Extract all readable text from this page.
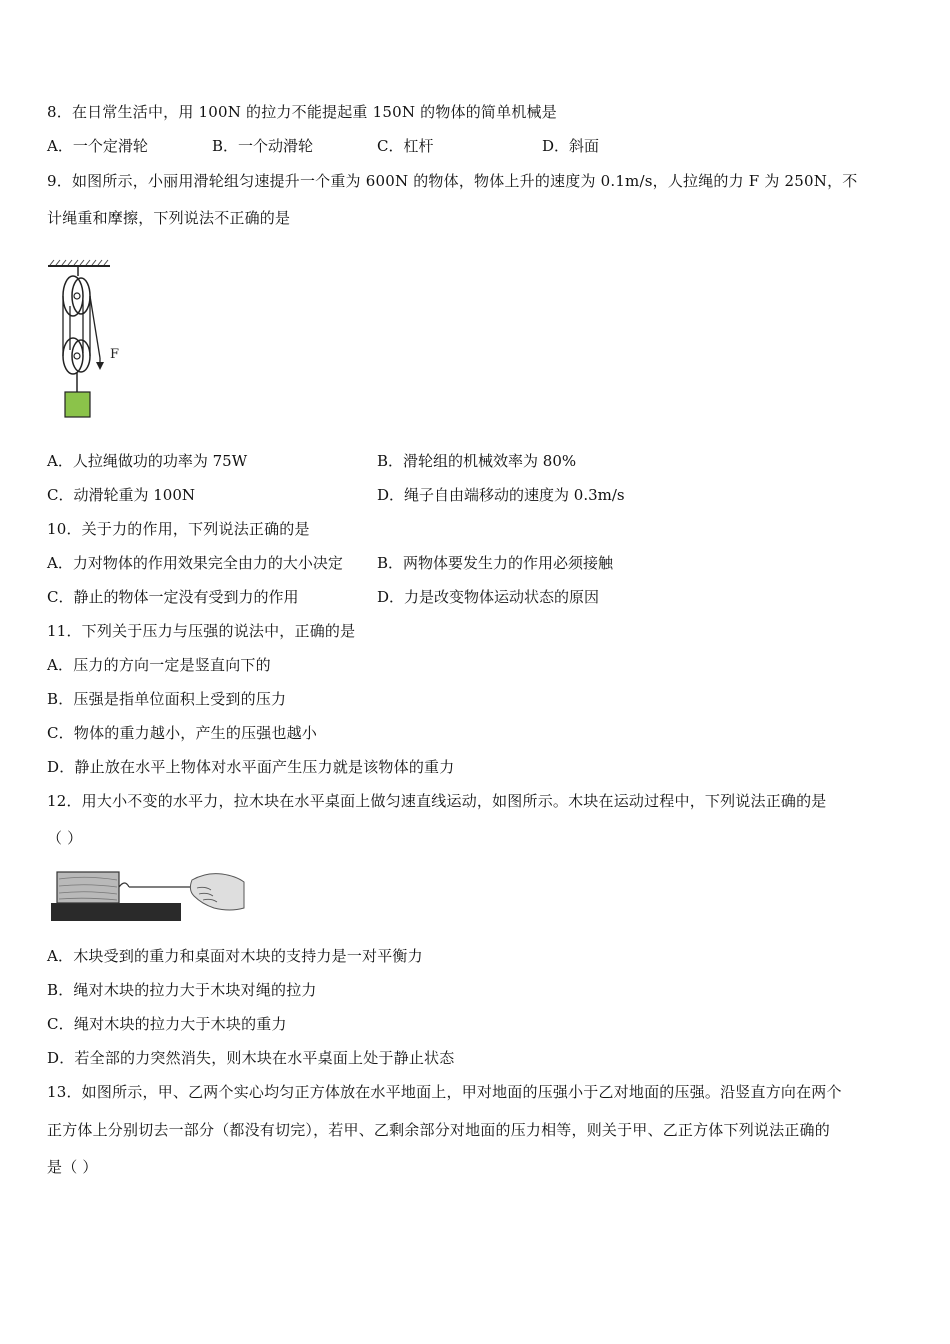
8．在日常生活中，用 100N 的拉力不能提起重 150N 的物体的简单机械是
A．一个定滑轮	B．一个动滑轮	C．杠杆	D．斜面
9．如图所示，小丽用滑轮组匀速提升一个重为 600N 的物体，物体上升的速度为 0.1m/s，人拉绳的力 F 为 250N，不
计绳重和摩擦，下列说法不正确的是
F
A．人拉绳做功的功率为 75W	B．滑轮组的机械效率为 80%
C．动滑轮重为 100N	D．绳子自由端移动的速度为 0.3m/s
10．关于力的作用，下列说法正确的是
A．力对物体的作用效果完全由力的大小决定 B．两物体要发生力的作用必须接触
C．静止的物体一定没有受到力的作用	D．力是改变物体运动状态的原因
11．下列关于压力与压强的说法中，正确的是
A．压力的方向一定是竖直向下的
B．压强是指单位面积上受到的压力
C．物体的重力越小，产生的压强也越小
D．静止放在水平上物体对水平面产生压力就是该物体的重力
12．用大小不变的水平力，拉木块在水平桌面上做匀速直线运动，如图所示。木块在运动过程中，下列说法正确的是
（ ）
A．木块受到的重力和桌面对木块的支持力是一对平衡力
B．绳对木块的拉力大于木块对绳的拉力
C．绳对木块的拉力大于木块的重力
D．若全部的力突然消失，则木块在水平桌面上处于静止状态
13．如图所示，甲、乙两个实心均匀正方体放在水平地面上，甲对地面的压强小于乙对地面的压强。沿竖直方向在两个
正方体上分别切去一部分（都没有切完），若甲、乙剩余部分对地面的压力相等，则关于甲、乙正方体下列说法正确的
是（ ）
